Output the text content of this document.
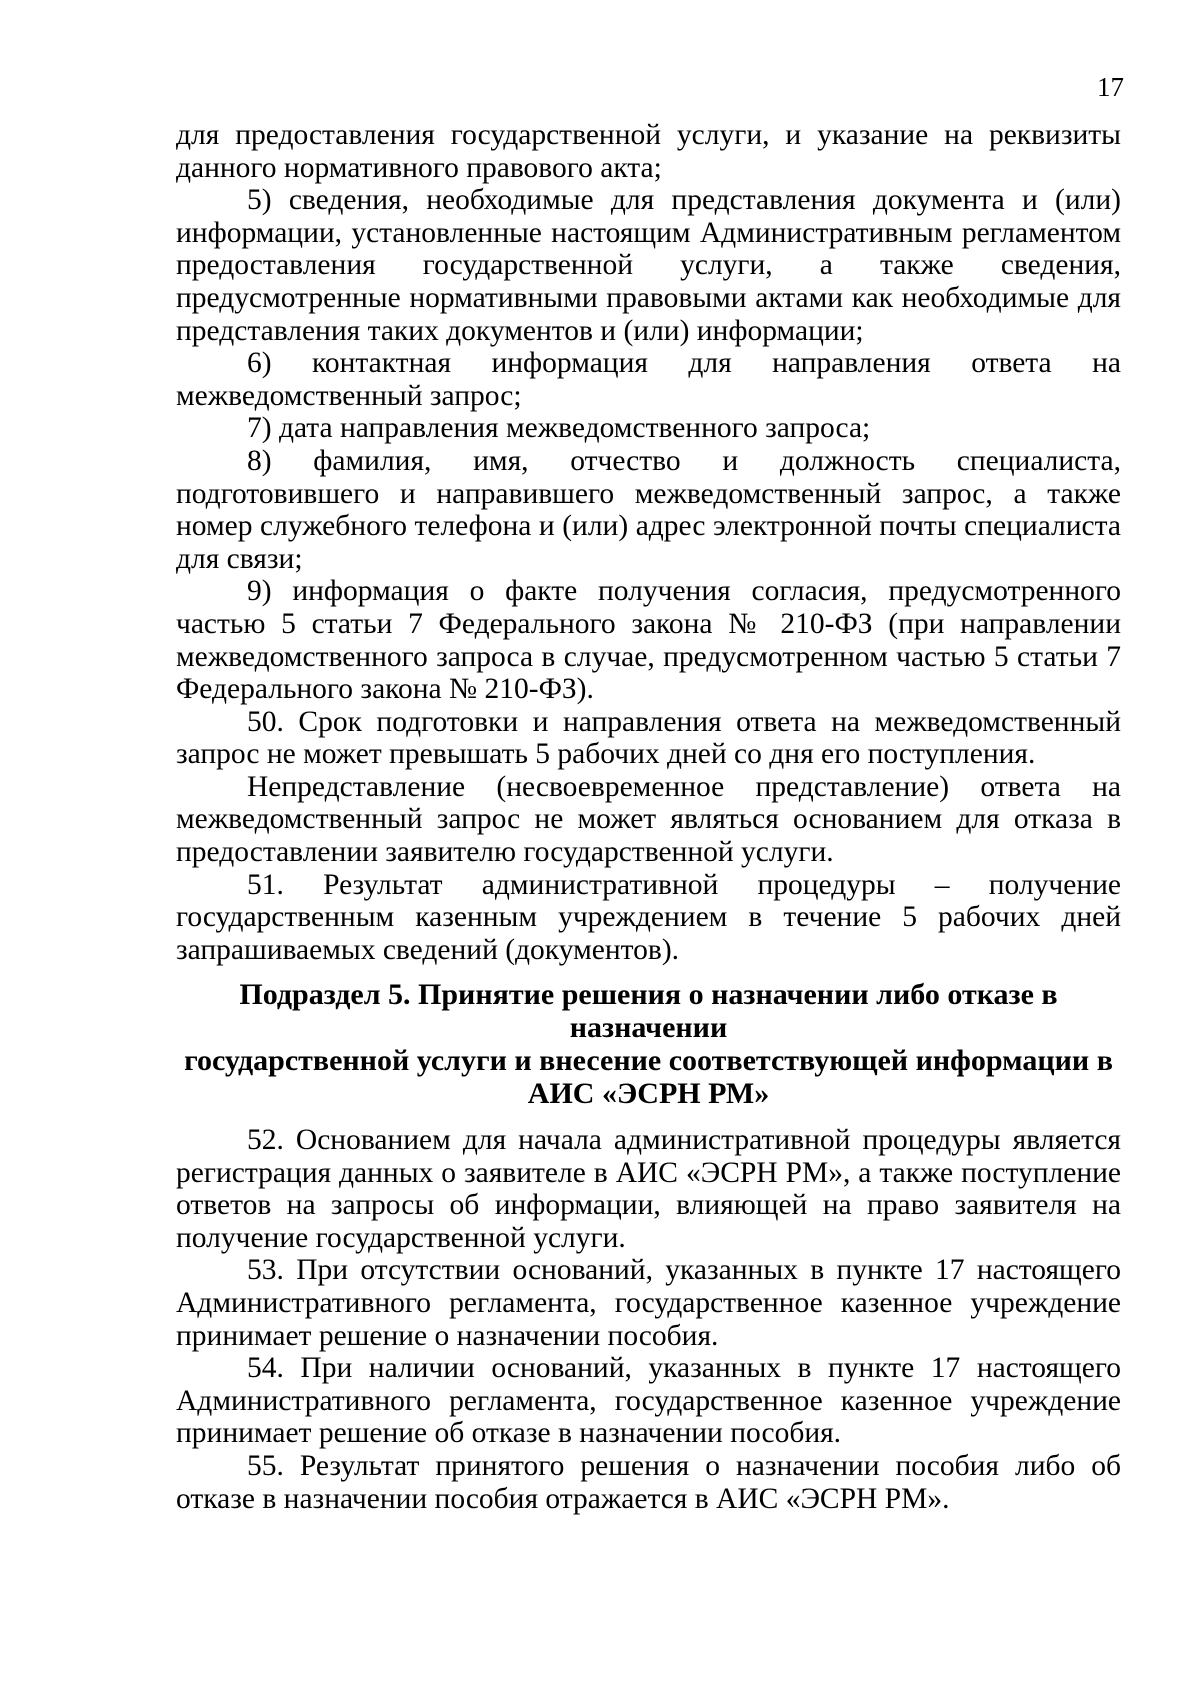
17

для предоставления государственной услуги, и указание на реквизиты данного нормативного правового акта;

5) сведения, необходимые для представления документа и (или) информации, установленные настоящим Административным регламентом предоставления государственной услуги, а также сведения, предусмотренные нормативными правовыми актами как необходимые для представления таких документов и (или) информации;

6) контактная информация для направления ответа на межведомственный запрос;

7) дата направления межведомственного запроса;

8) фамилия, имя, отчество и должность специалиста, подготовившего и направившего межведомственный запрос, а также номер служебного телефона и (или) адрес электронной почты специалиста для связи;

9) информация о факте получения согласия, предусмотренного частью 5 статьи 7 Федерального закона № 210-ФЗ (при направлении межведомственного запроса в случае, предусмотренном частью 5 статьи 7 Федерального закона № 210-ФЗ).

50. Срок подготовки и направления ответа на межведомственный запрос не может превышать 5 рабочих дней со дня его поступления.

Непредставление (несвоевременное представление) ответа на межведомственный запрос не может являться основанием для отказа в предоставлении заявителю государственной услуги.

51. Результат административной процедуры – получение государственным казенным учреждением в течение 5 рабочих дней запрашиваемых сведений (документов).

Подраздел 5. Принятие решения о назначении либо отказе в назначении
государственной услуги и внесение соответствующей информации в
АИС «ЭСРН РМ»

52. Основанием для начала административной процедуры является регистрация данных о заявителе в АИС «ЭСРН РМ», а также поступление ответов на запросы об информации, влияющей на право заявителя на получение государственной услуги.

53. При отсутствии оснований, указанных в пункте 17 настоящего Административного регламента, государственное казенное учреждение принимает решение о назначении пособия.

54. При наличии оснований, указанных в пункте 17 настоящего Административного регламента, государственное казенное учреждение принимает решение об отказе в назначении пособия.

55. Результат принятого решения о назначении пособия либо об отказе в назначении пособия отражается в АИС «ЭСРН РМ».
